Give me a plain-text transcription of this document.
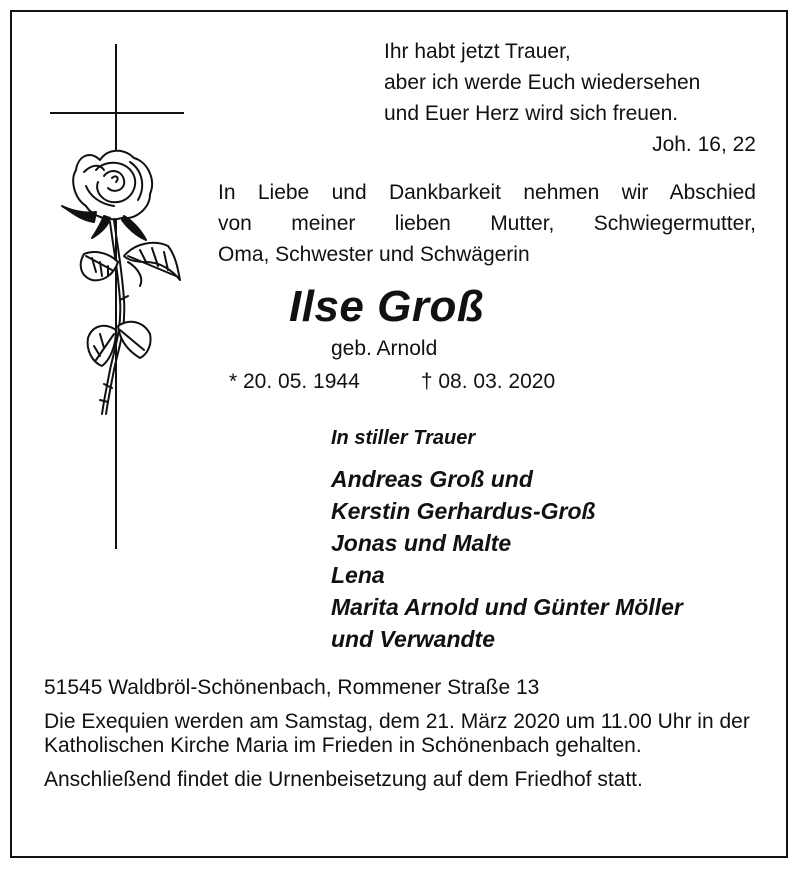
Ihr habt jetzt Trauer,
aber ich werde Euch wiedersehen
und Euer Herz wird sich freuen.
Joh. 16, 22
In Liebe und Dankbarkeit nehmen wir Abschied
von meiner lieben Mutter, Schwiegermutter,
Oma, Schwester und Schwägerin
Ilse Groß
geb. Arnold
* 20. 05. 1944	† 08. 03. 2020
In stiller Trauer
Andreas Groß und
Kerstin Gerhardus-Groß
Jonas und Malte
Lena
Marita Arnold und Günter Möller
und Verwandte

51545 Waldbröl-Schönenbach, Rommener Straße 13

Die Exequien werden am Samstag, dem 21. März 2020 um 11.00 Uhr in der Katholischen Kirche Maria im Frieden in Schönenbach gehalten.

Anschließend findet die Urnenbeisetzung auf dem Friedhof statt.
